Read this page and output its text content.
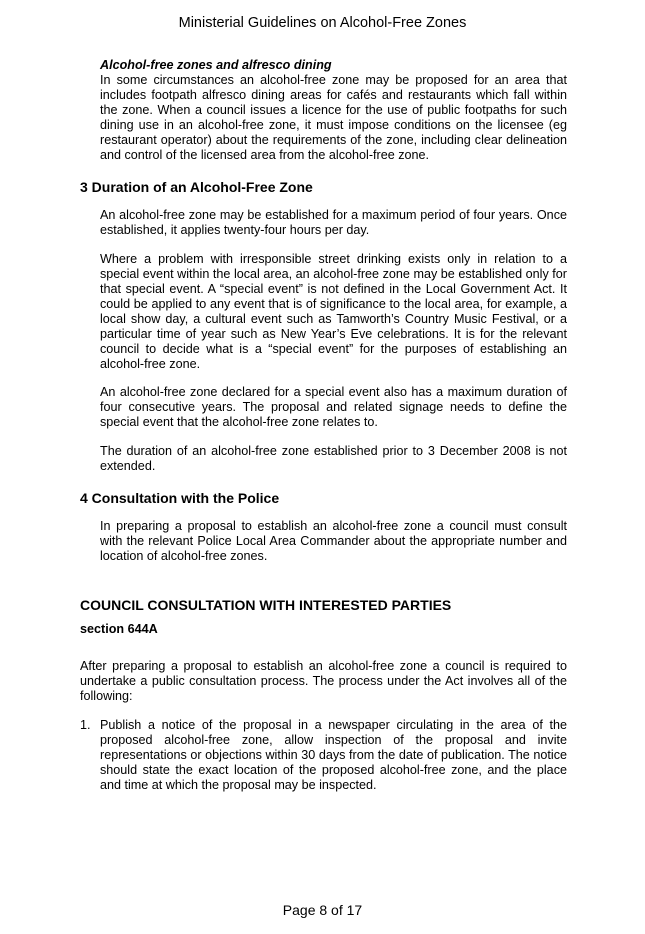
Ministerial Guidelines on Alcohol-Free Zones

Alcohol-free zones and alfresco dining

In some circumstances an alcohol-free zone may be proposed for an area that includes footpath alfresco dining areas for cafés and restaurants which fall within the zone. When a council issues a licence for the use of public footpaths for such dining use in an alcohol-free zone, it must impose conditions on the licensee (eg restaurant operator) about the requirements of the zone, including clear delineation and control of the licensed area from the alcohol-free zone.

3 Duration of an Alcohol-Free Zone

An alcohol-free zone may be established for a maximum period of four years. Once established, it applies twenty-four hours per day.

Where a problem with irresponsible street drinking exists only in relation to a special event within the local area, an alcohol-free zone may be established only for that special event. A “special event” is not defined in the Local Government Act. It could be applied to any event that is of significance to the local area, for example, a local show day, a cultural event such as Tamworth’s Country Music Festival, or a particular time of year such as New Year’s Eve celebrations. It is for the relevant council to decide what is a “special event” for the purposes of establishing an alcohol-free zone.

An alcohol-free zone declared for a special event also has a maximum duration of four consecutive years. The proposal and related signage needs to define the special event that the alcohol-free zone relates to.

The duration of an alcohol-free zone established prior to 3 December 2008 is not extended.

4 Consultation with the Police

In preparing a proposal to establish an alcohol-free zone a council must consult with the relevant Police Local Area Commander about the appropriate number and location of alcohol-free zones.

COUNCIL CONSULTATION WITH INTERESTED PARTIES

section 644A

After preparing a proposal to establish an alcohol-free zone a council is required to undertake a public consultation process. The process under the Act involves all of the following:

1. Publish a notice of the proposal in a newspaper circulating in the area of the proposed alcohol-free zone, allow inspection of the proposal and invite representations or objections within 30 days from the date of publication. The notice should state the exact location of the proposed alcohol-free zone, and the place and time at which the proposal may be inspected.

Page 8 of 17
